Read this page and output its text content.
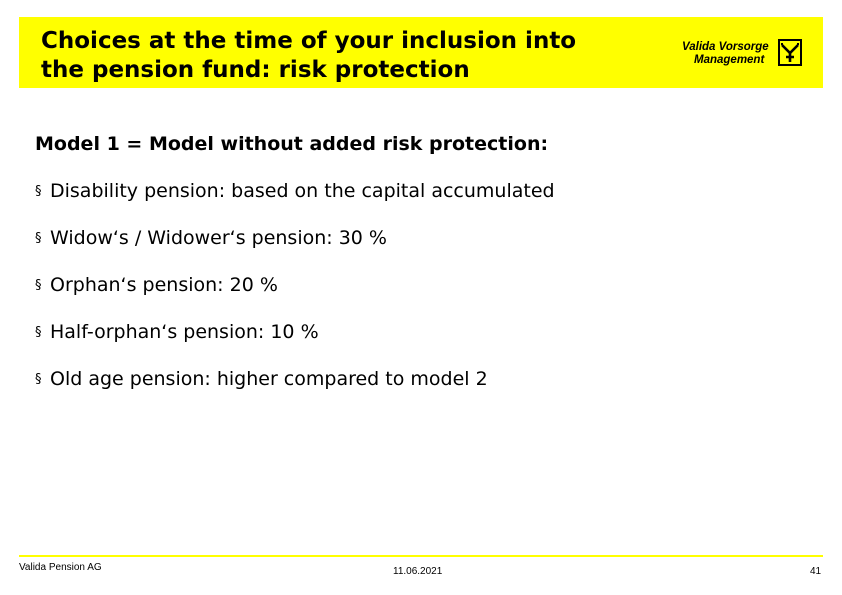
Choices at the time of your inclusion into
the pension fund: risk protection
Valida Vorsorge
Management

Model 1 = Model without added risk protection:

§ Disability pension: based on the capital accumulated
§ Widow‘s / Widower‘s pension: 30 %
§ Orphan‘s pension: 20 %
§ Half-orphan‘s pension: 10 %
§ Old age pension: higher compared to model 2
Valida Pension AG	11.06.2021	41
